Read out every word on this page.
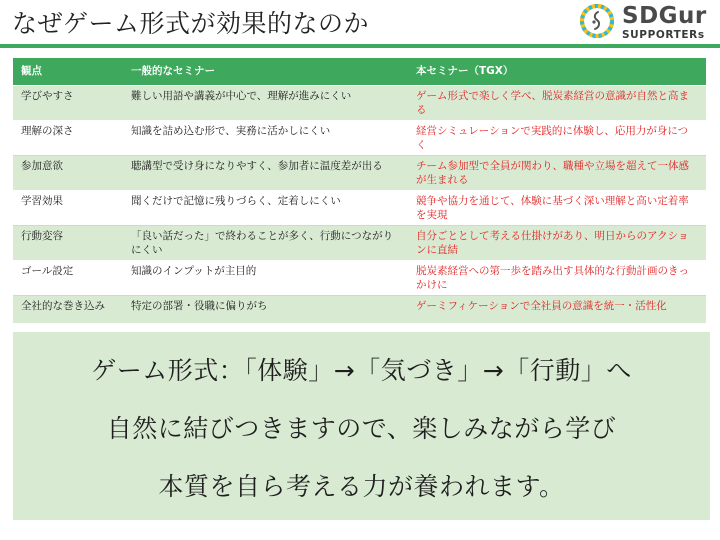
なぜゲーム形式が効果的なのか	SDGur
SUPPORTERs
観点	一般的なセミナー	本セミナー（TGX）
学びやすさ	難しい用語や講義が中心で、理解が進みにくい	ゲーム形式で楽しく学べ、脱炭素経営の意識が自然と高まる
理解の深さ	知識を詰め込む形で、実務に活かしにくい	経営シミュレーションで実践的に体験し、応用力が身につく
参加意欲	聴講型で受け身になりやすく、参加者に温度差が出る	チーム参加型で全員が関わり、職種や立場を超えて一体感が生まれる
学習効果	聞くだけで記憶に残りづらく、定着しにくい	競争や協力を通じて、体験に基づく深い理解と高い定着率を実現
行動変容	「良い話だった」で終わることが多く、行動につながりにくい	自分ごととして考える仕掛けがあり、明日からのアクションに直結
ゴール設定	知識のインプットが主目的	脱炭素経営への第一歩を踏み出す具体的な行動計画のきっかけに
全社的な巻き込み	特定の部署・役職に偏りがち	ゲーミフィケーションで全社員の意識を統一・活性化

ゲーム形式：「体験」→「気づき」→「行動」へ

自然に結びつきますので、楽しみながら学び

本質を自ら考える力が養われます。
